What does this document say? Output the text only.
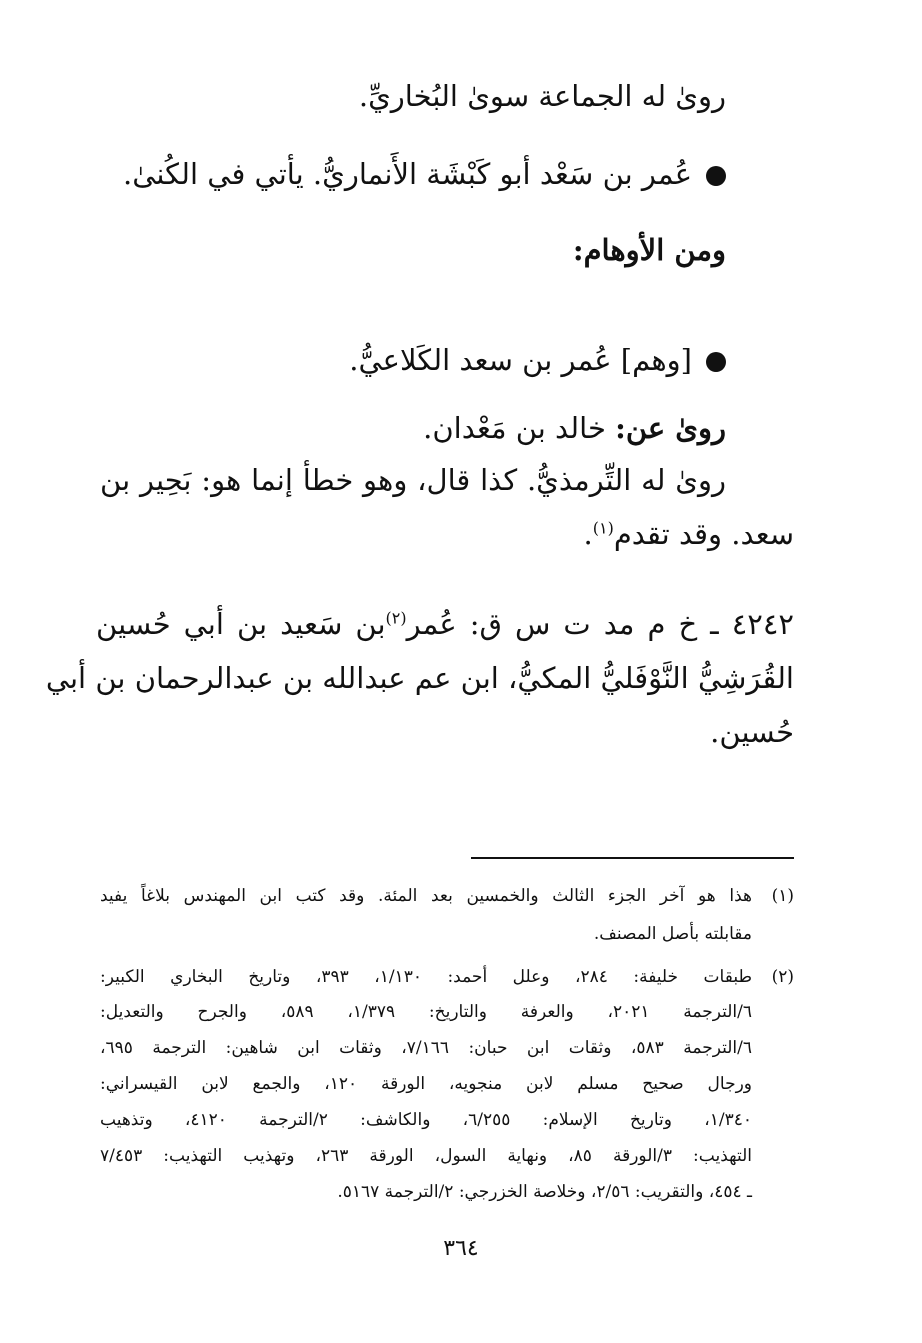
روىٰ له الجماعة سوىٰ البُخاريِّ.
عُمر بن سَعْد أبو كَبْشَة الأَنماريُّ. يأتي في الكُنىٰ.
ومن الأوهام:
[وهم] عُمر بن سعد الكَلاعيُّ.
روىٰ عن: خالد بن مَعْدان.
روىٰ له التِّرمذيُّ. كذا قال، وهو خطأ إنما هو: بَحِير بن
سعد. وقد تقدم$^{(١)}$.
٤٢٤٢ ـ خ م مد ت س ق: عُمر$^{(٢)}$بن سَعيد بن أبي حُسين
القُرَشِيُّ النَّوْفَليُّ المكيُّ، ابن عم عبدالله بن عبدالرحمان بن أبي
حُسين.
(١)
هذا هو آخر الجزء الثالث والخمسين بعد المئة. وقد كتب ابن المهندس بلاغاً يفيد
مقابلته بأصل المصنف.
(٢)
طبقات خليفة: ٢٨٤، وعلل أحمد: ١/١٣٠، ٣٩٣، وتاريخ البخاري الكبير:
٦/الترجمة ٢٠٢١، والعرفة والتاريخ: ١/٣٧٩، ٥٨٩، والجرح والتعديل:
٦/الترجمة ٥٨٣، وثقات ابن حبان: ٧/١٦٦، وثقات ابن شاهين: الترجمة ٦٩٥،
ورجال صحيح مسلم لابن منجويه، الورقة ١٢٠، والجمع لابن القيسراني:
١/٣٤٠، وتاريخ الإسلام: ٦/٢٥٥، والكاشف: ٢/الترجمة ٤١٢٠، وتذهيب
التهذيب: ٣/الورقة ٨٥، ونهاية السول، الورقة ٢٦٣، وتهذيب التهذيب: ٧/٤٥٣
ـ ٤٥٤، والتقريب: ٢/٥٦، وخلاصة الخزرجي: ٢/الترجمة ٥١٦٧.
٣٦٤
